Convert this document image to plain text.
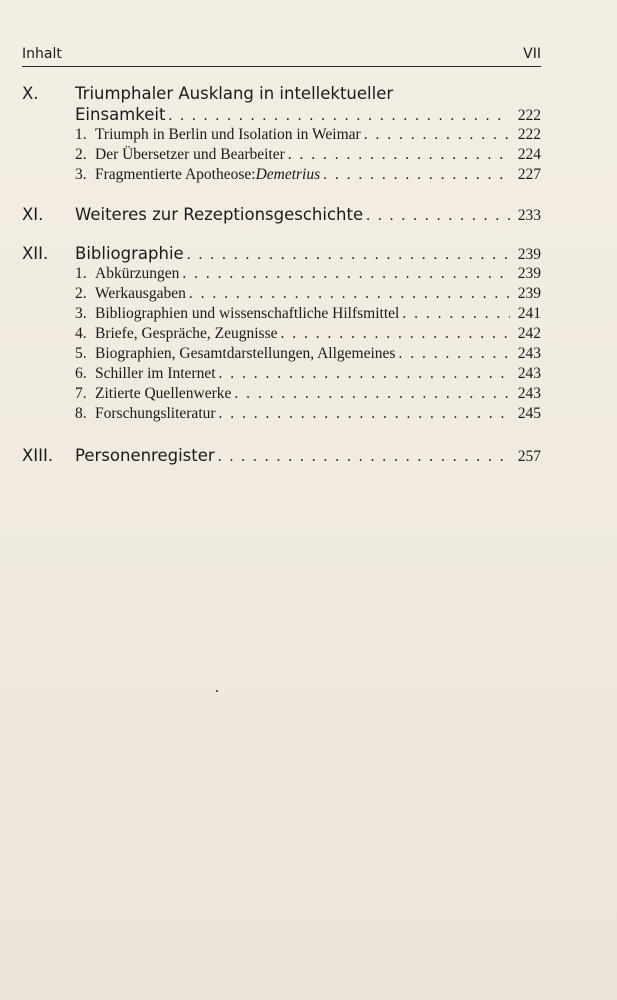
Inhalt	VII
X. Triumphaler Ausklang in intellektueller
Einsamkeit . . .	222
1. Triumph in Berlin und Isolation in Weimar . . .	222
2. Der Übersetzer und Bearbeiter . . .	224
3. Fragmentierte Apotheose: Demetrius . . .	227
XI. Weiteres zur Rezeptionsgeschichte . . .	233
XII. Bibliographie . . .	239
1. Abkürzungen . . .	239
2. Werkausgaben . . .	239
3. Bibliographien und wissenschaftliche Hilfsmittel . . .	241
4. Briefe, Gespräche, Zeugnisse . . .	242
5. Biographien, Gesamtdarstellungen, Allgemeines . . .	243
6. Schiller im Internet . . .	243
7. Zitierte Quellenwerke . . .	243
8. Forschungsliteratur . . .	245
XIII. Personenregister . . .	257
